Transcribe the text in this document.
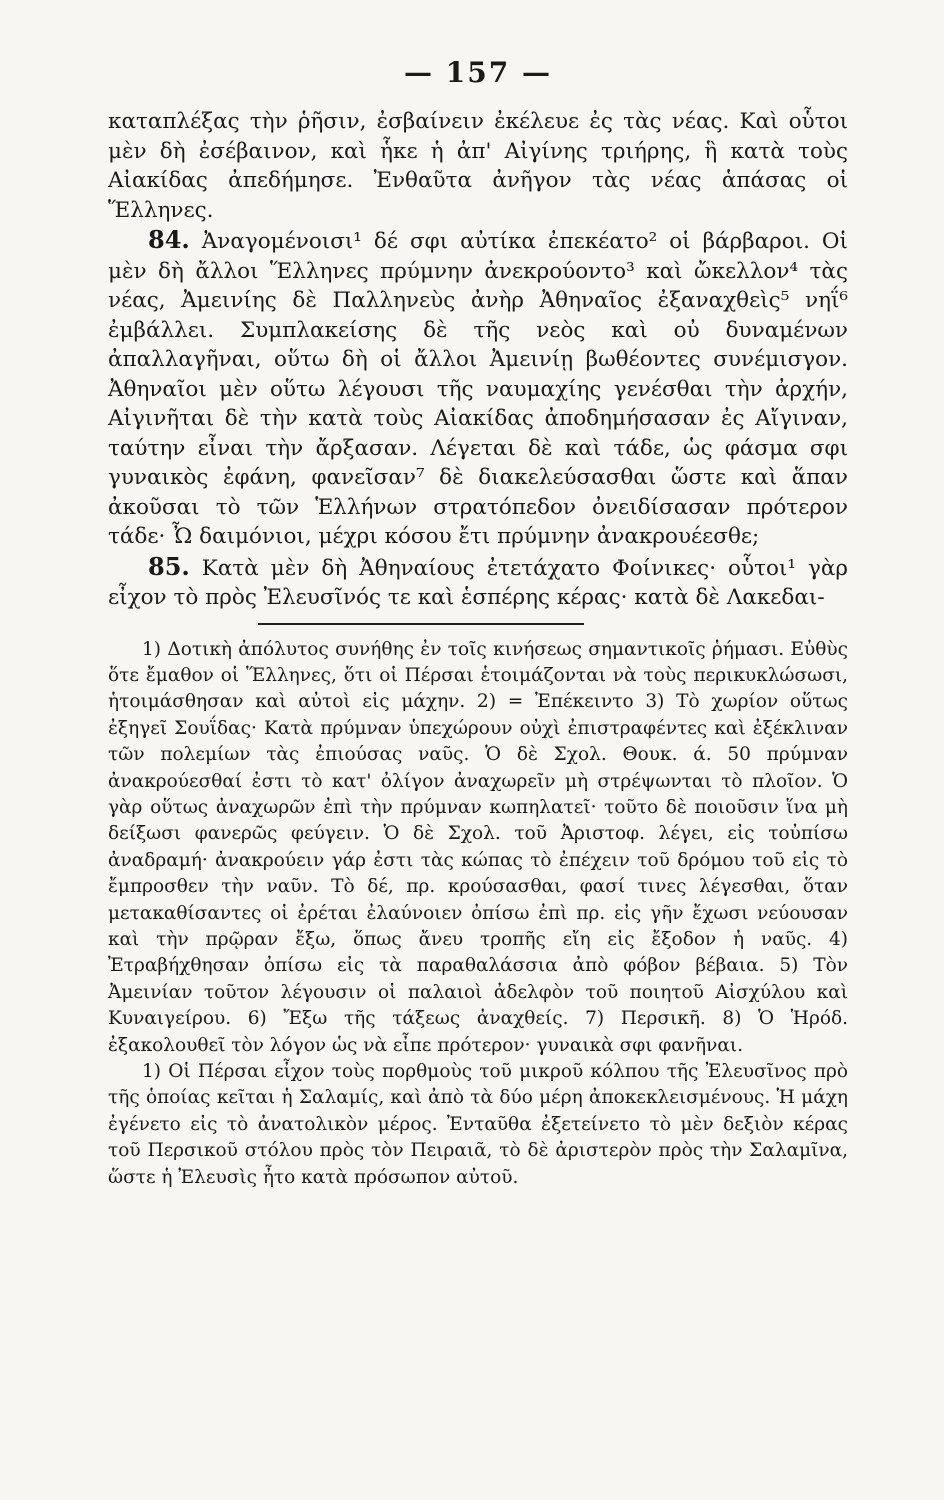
— 157 —

καταπλέξας τὴν ῥῆσιν, ἐσβαίνειν ἐκέλευε ἐς τὰς νέας. Καὶ οὗτοι μὲν δὴ ἐσέβαινον, καὶ ἧκε ἡ ἀπ' Αἰγίνης τριήρης, ἣ κατὰ τοὺς Αἰακίδας ἀπεδήμησε. Ἐνθαῦτα ἀνῆγον τὰς νέας ἁπάσας οἱ Ἕλληνες.

84. Ἀναγομένοισι¹ δέ σφι αὐτίκα ἐπεκέατο² οἱ βάρβαροι. Οἱ μὲν δὴ ἄλλοι Ἕλληνες πρύμνην ἀνεκρούοντο³ καὶ ὤκελλον⁴ τὰς νέας, Ἀμεινίης δὲ Παλληνεὺς ἀνὴρ Ἀθηναῖος ἐξαναχθεὶς⁵ νηΐ⁶ ἐμβάλλει. Συμπλακείσης δὲ τῆς νεὸς καὶ οὐ δυναμένων ἀπαλλαγῆναι, οὕτω δὴ οἱ ἄλλοι Ἀμεινίῃ βωθέοντες συνέμισγον. Ἀθηναῖοι μὲν οὕτω λέγουσι τῆς ναυμαχίης γενέσθαι τὴν ἀρχήν, Αἰγινῆται δὲ τὴν κατὰ τοὺς Αἰακίδας ἀποδημήσασαν ἐς Αἴγιναν, ταύτην εἶναι τὴν ἄρξασαν. Λέγεται δὲ καὶ τάδε, ὡς φάσμα σφι γυναικὸς ἐφάνη, φανεῖσαν⁷ δὲ διακελεύσασθαι ὥστε καὶ ἅπαν ἀκοῦσαι τὸ τῶν Ἑλλήνων στρατόπεδον ὀνειδίσασαν πρότερον τάδε· Ὦ δαιμόνιοι, μέχρι κόσου ἔτι πρύμνην ἀνακρουέεσθε;

85. Κατὰ μὲν δὴ Ἀθηναίους ἐτετάχατο Φοίνικες· οὗτοι¹ γὰρ εἶχον τὸ πρὸς Ἐλευσῖνός τε καὶ ἑσπέρης κέρας· κατὰ δὲ Λακεδαι-

1) Δοτικὴ ἀπόλυτος συνήθης ἐν τοῖς κινήσεως σημαντικοῖς ῥήμασι. Εὐθὺς ὅτε ἔμαθον οἱ Ἕλληνες, ὅτι οἱ Πέρσαι ἑτοιμάζονται νὰ τοὺς περικυκλώσωσι, ἡτοιμάσθησαν καὶ αὐτοὶ εἰς μάχην. 2) = Ἐπέκειντο 3) Τὸ χωρίον οὕτως ἐξηγεῖ Σουΐδας· Κατὰ πρύμναν ὑπεχώρουν οὐχὶ ἐπιστραφέντες καὶ ἐξέκλιναν τῶν πολεμίων τὰς ἐπιούσας ναῦς. Ὁ δὲ Σχολ. Θουκ. ά. 50 πρύμναν ἀνακρούεσθαί ἐστι τὸ κατ' ὀλίγον ἀναχωρεῖν μὴ στρέψωνται τὸ πλοῖον. Ὁ γὰρ οὕτως ἀναχωρῶν ἐπὶ τὴν πρύμναν κωπηλατεῖ· τοῦτο δὲ ποιοῦσιν ἵνα μὴ δείξωσι φανερῶς φεύγειν. Ὁ δὲ Σχολ. τοῦ Ἀριστοφ. λέγει, εἰς τοὐπίσω ἀναδραμή· ἀνακρούειν γάρ ἐστι τὰς κώπας τὸ ἐπέχειν τοῦ δρόμου τοῦ εἰς τὸ ἔμπροσθεν τὴν ναῦν. Τὸ δέ, πρ. κρούσασθαι, φασί τινες λέγεσθαι, ὅταν μετακαθίσαντες οἱ ἐρέται ἐλαύνοιεν ὀπίσω ἐπὶ πρ. εἰς γῆν ἔχωσι νεύουσαν καὶ τὴν πρῷραν ἔξω, ὅπως ἄνευ τροπῆς εἴη εἰς ἔξοδον ἡ ναῦς. 4) Ἐτραβήχθησαν ὀπίσω εἰς τὰ παραθαλάσσια ἀπὸ φόβον βέβαια. 5) Τὸν Ἀμεινίαν τοῦτον λέγουσιν οἱ παλαιοὶ ἀδελφὸν τοῦ ποιητοῦ Αἰσχύλου καὶ Κυναιγείρου. 6) Ἔξω τῆς τάξεως ἀναχθείς. 7) Περσικῆ. 8) Ὁ Ἡρόδ. ἐξακολουθεῖ τὸν λόγον ὡς νὰ εἶπε πρότερον· γυναικὰ σφι φανῆναι.

1) Οἱ Πέρσαι εἶχον τοὺς πορθμοὺς τοῦ μικροῦ κόλπου τῆς Ἐλευσῖνος πρὸ τῆς ὁποίας κεῖται ἡ Σαλαμίς, καὶ ἀπὸ τὰ δύο μέρη ἀποκεκλεισμένους. Ἡ μάχη ἐγένετο εἰς τὸ ἀνατολικὸν μέρος. Ἐνταῦθα ἐξετείνετο τὸ μὲν δεξιὸν κέρας τοῦ Περσικοῦ στόλου πρὸς τὸν Πειραιᾶ, τὸ δὲ ἀριστερὸν πρὸς τὴν Σαλαμῖνα, ὥστε ἡ Ἐλευσὶς ἦτο κατὰ πρόσωπον αὐτοῦ.
